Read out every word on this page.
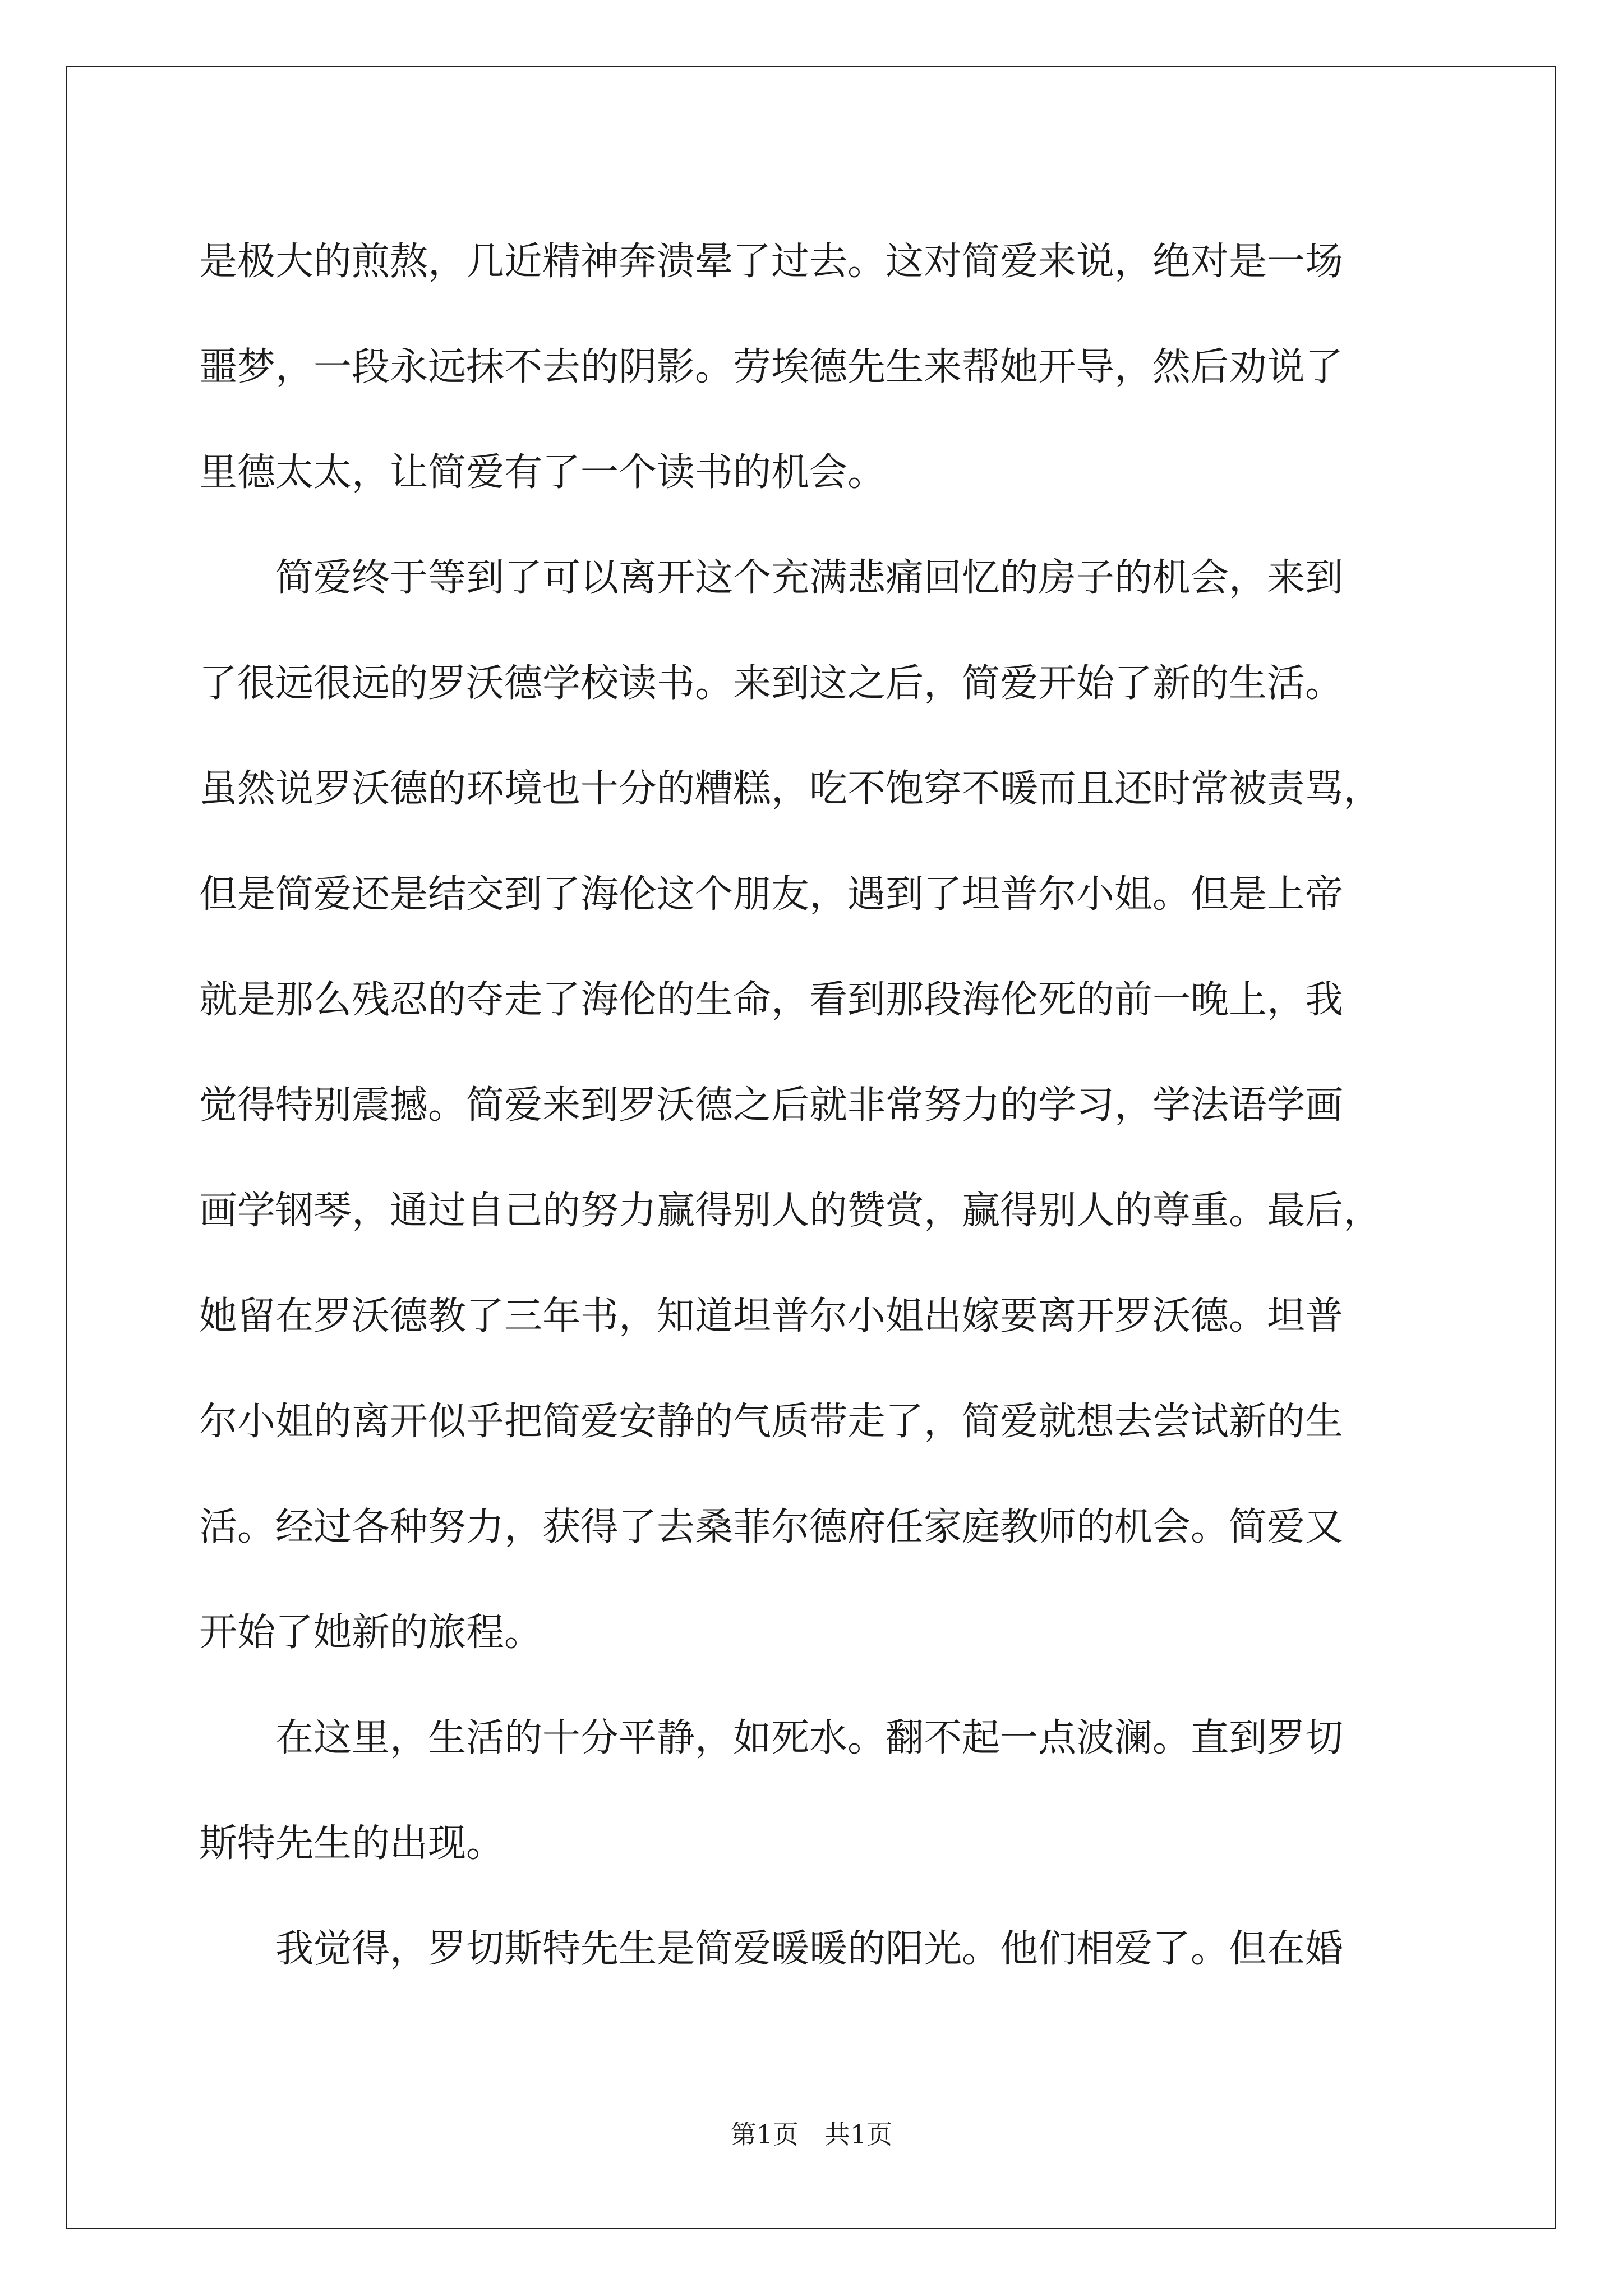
是极大的煎熬，几近精神奔溃晕了过去。这对简爱来说，绝对是一场
噩梦，一段永远抹不去的阴影。劳埃德先生来帮她开导，然后劝说了
里德太太，让简爱有了一个读书的机会。
简爱终于等到了可以离开这个充满悲痛回忆的房子的机会，来到
了很远很远的罗沃德学校读书。来到这之后，简爱开始了新的生活。
虽然说罗沃德的环境也十分的糟糕，吃不饱穿不暖而且还时常被责骂，
但是简爱还是结交到了海伦这个朋友，遇到了坦普尔小姐。但是上帝
就是那么残忍的夺走了海伦的生命，看到那段海伦死的前一晚上，我
觉得特别震撼。简爱来到罗沃德之后就非常努力的学习，学法语学画
画学钢琴，通过自己的努力赢得别人的赞赏，赢得别人的尊重。最后，
她留在罗沃德教了三年书，知道坦普尔小姐出嫁要离开罗沃德。坦普
尔小姐的离开似乎把简爱安静的气质带走了，简爱就想去尝试新的生
活。经过各种努力，获得了去桑菲尔德府任家庭教师的机会。简爱又
开始了她新的旅程。
在这里，生活的十分平静，如死水。翻不起一点波澜。直到罗切
斯特先生的出现。
我觉得，罗切斯特先生是简爱暖暖的阳光。他们相爱了。但在婚
第1页　共1页
